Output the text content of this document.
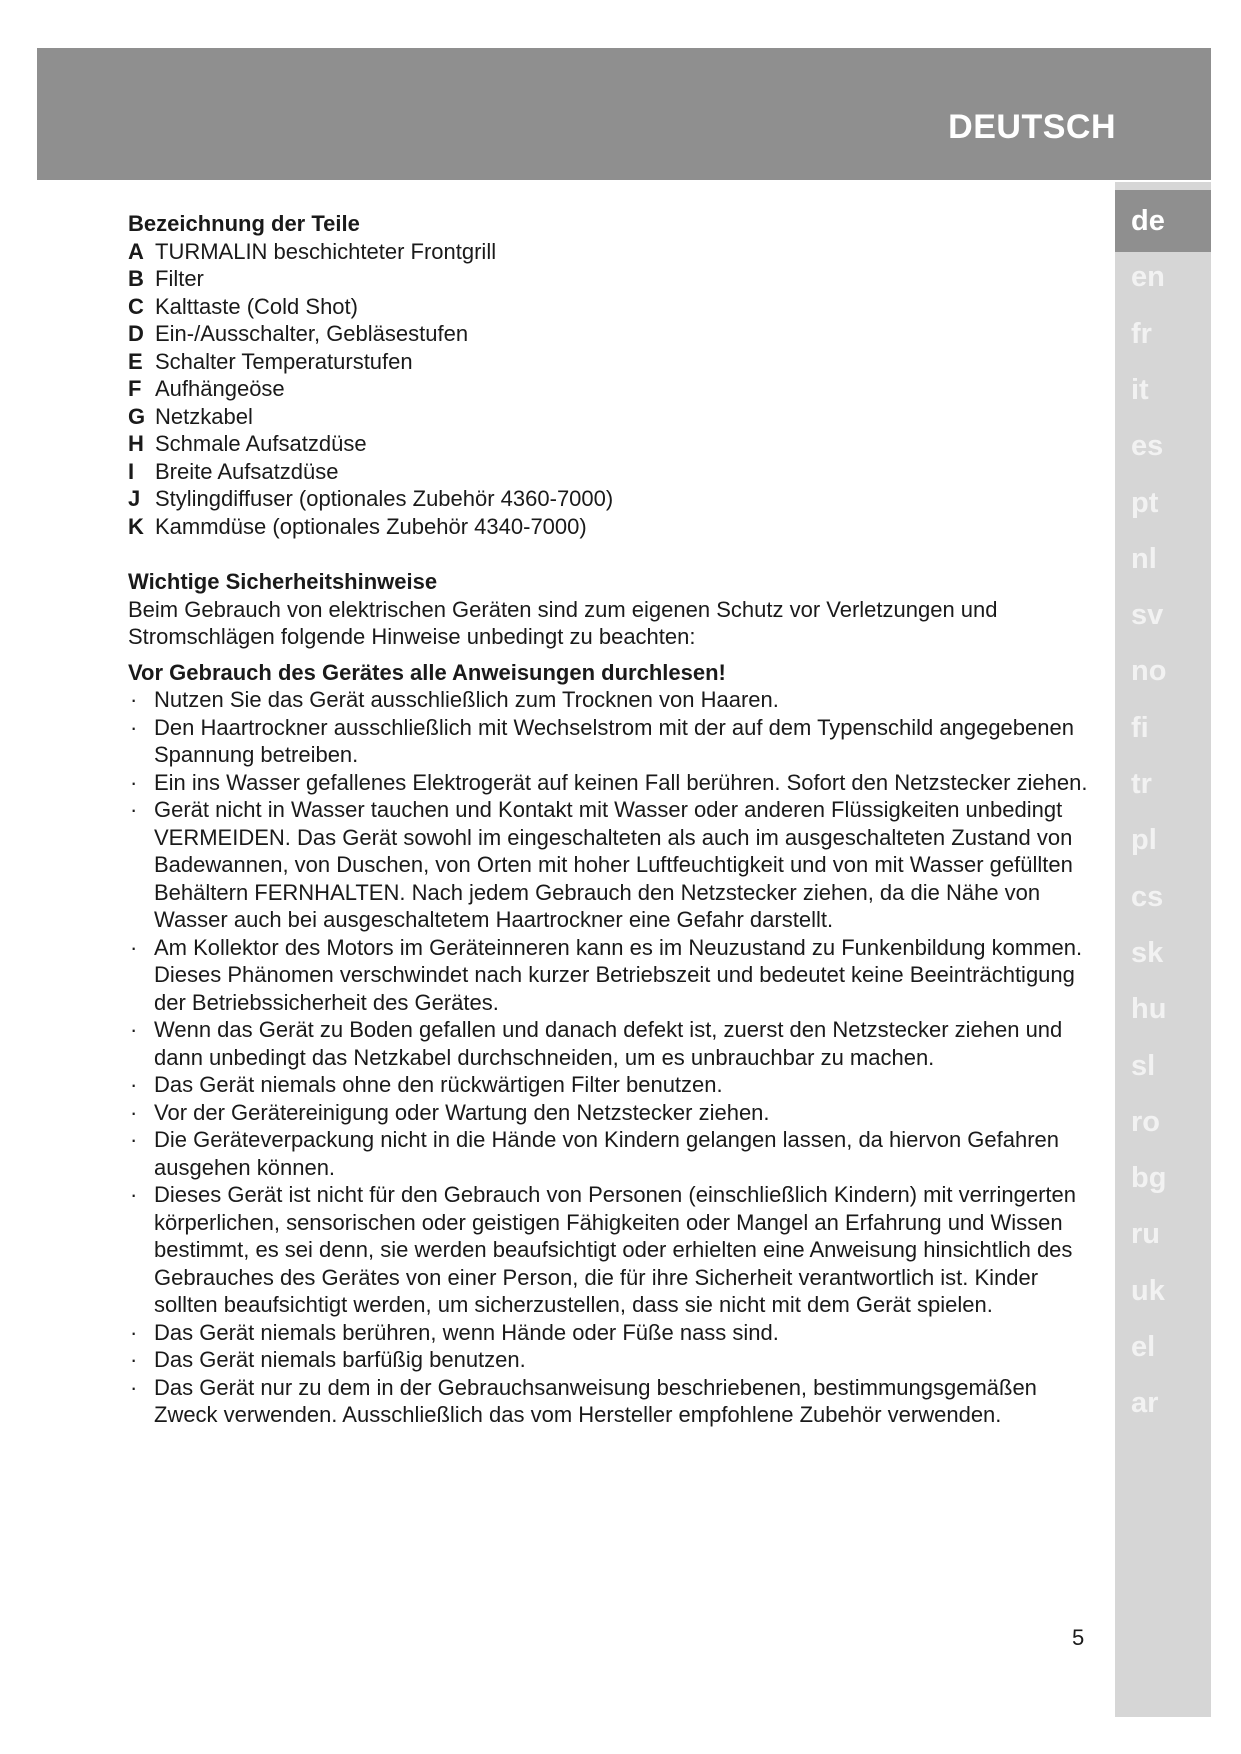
DEUTSCH
de
en
fr
it
es
pt
nl
sv
no
fi
tr
pl
cs
sk
hu
sl
ro
bg
ru
uk
el
ar

Bezeichnung der Teile

A TURMALIN beschichteter Frontgrill
B Filter
C Kalttaste (Cold Shot)
D Ein-/Ausschalter, Gebläsestufen
E Schalter Temperaturstufen
F Aufhängeöse
G Netzkabel
H Schmale Aufsatzdüse
I Breite Aufsatzdüse
J Stylingdiffuser (optionales Zubehör 4360-7000)
K Kammdüse (optionales Zubehör 4340-7000)

Wichtige Sicherheitshinweise

Beim Gebrauch von elektrischen Geräten sind zum eigenen Schutz vor Verletzungen und Stromschlägen folgende Hinweise unbedingt zu beachten:

Vor Gebrauch des Gerätes alle Anweisungen durchlesen!

· Nutzen Sie das Gerät ausschließlich zum Trocknen von Haaren.
· Den Haartrockner ausschließlich mit Wechselstrom mit der auf dem Typenschild angegebenen Spannung betreiben.
· Ein ins Wasser gefallenes Elektrogerät auf keinen Fall berühren. Sofort den Netzstecker ziehen.
· Gerät nicht in Wasser tauchen und Kontakt mit Wasser oder anderen Flüssigkeiten unbedingt VERMEIDEN. Das Gerät sowohl im eingeschalteten als auch im ausgeschalteten Zustand von Badewannen, von Duschen, von Orten mit hoher Luftfeuchtigkeit und von mit Wasser gefüllten Behältern FERNHALTEN. Nach jedem Gebrauch den Netzstecker ziehen, da die Nähe von Wasser auch bei ausgeschaltetem Haartrockner eine Gefahr darstellt.
· Am Kollektor des Motors im Geräteinneren kann es im Neuzustand zu Funkenbildung kommen. Dieses Phänomen verschwindet nach kurzer Betriebszeit und bedeutet keine Beeinträchtigung der Betriebssicherheit des Gerätes.
· Wenn das Gerät zu Boden gefallen und danach defekt ist, zuerst den Netzstecker ziehen und dann unbedingt das Netzkabel durchschneiden, um es unbrauchbar zu machen.
· Das Gerät niemals ohne den rückwärtigen Filter benutzen.
· Vor der Gerätereinigung oder Wartung den Netzstecker ziehen.
· Die Geräteverpackung nicht in die Hände von Kindern gelangen lassen, da hiervon Gefahren ausgehen können.
· Dieses Gerät ist nicht für den Gebrauch von Personen (einschließlich Kindern) mit verringerten körperlichen, sensorischen oder geistigen Fähigkeiten oder Mangel an Erfahrung und Wissen bestimmt, es sei denn, sie werden beaufsichtigt oder erhielten eine Anweisung hinsichtlich des Gebrauches des Gerätes von einer Person, die für ihre Sicherheit verantwortlich ist. Kinder sollten beaufsichtigt werden, um sicherzustellen, dass sie nicht mit dem Gerät spielen.
· Das Gerät niemals berühren, wenn Hände oder Füße nass sind.
· Das Gerät niemals barfüßig benutzen.
· Das Gerät nur zu dem in der Gebrauchsanweisung beschriebenen, bestimmungsgemäßen Zweck verwenden. Ausschließlich das vom Hersteller empfohlene Zubehör verwenden.
5
